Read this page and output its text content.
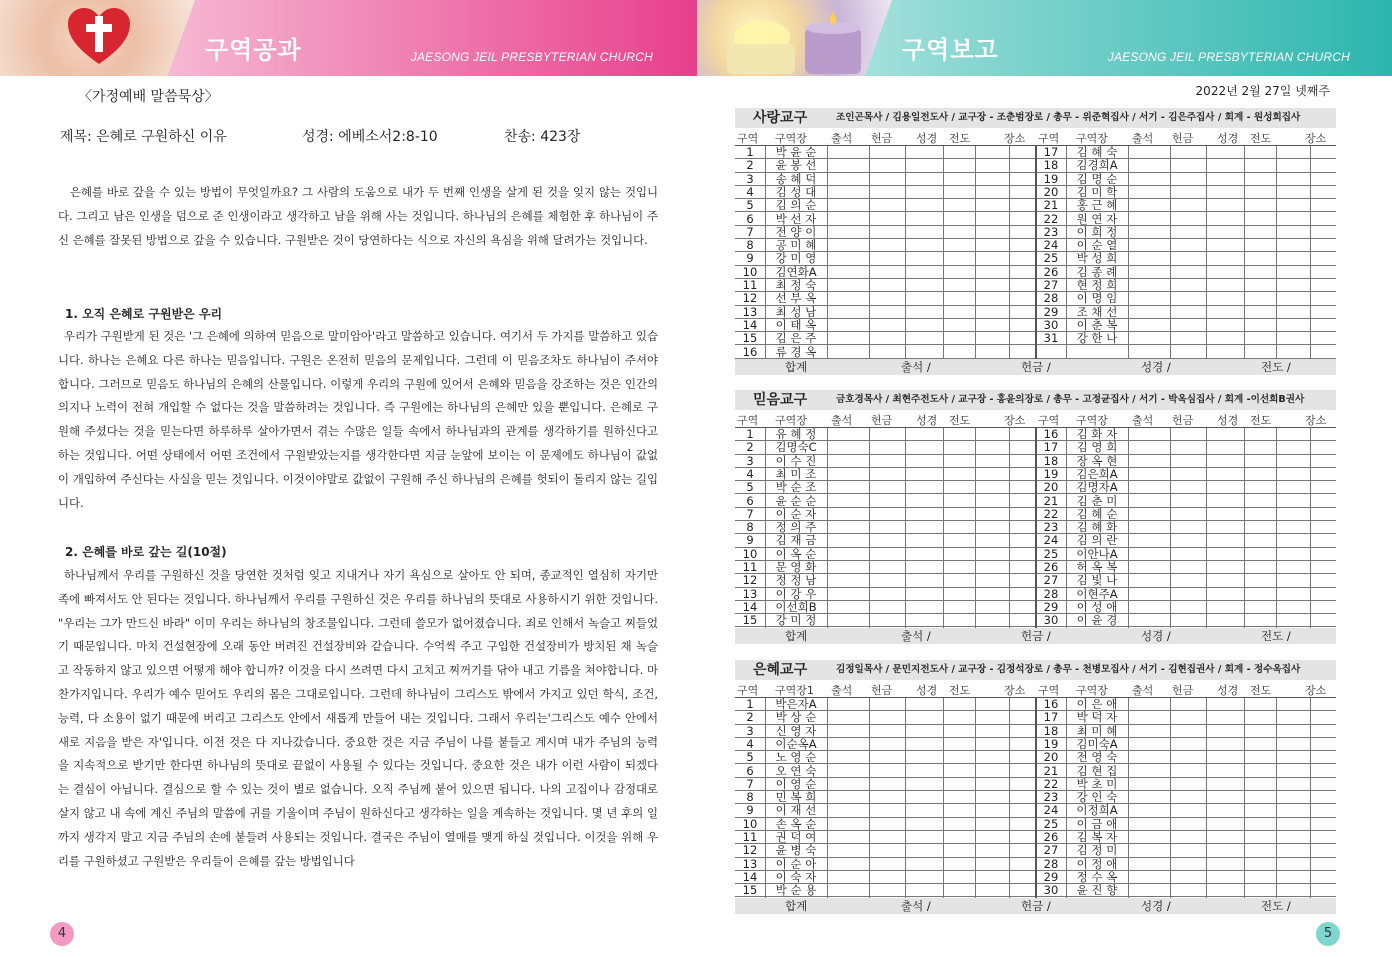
구역공과	JAESONG JEIL PRESBYTERIAN CHURCH	구역보고	JAESONG JEIL PRESBYTERIAN CHURCH
〈가정예배 말씀묵상〉
제목: 은혜로 구원하신 이유	성경: 에베소서2:8-10	찬송: 423장

은혜를 바로 갚을 수 있는 방법이 무엇일까요? 그 사람의 도움으로 내가 두 번째 인생을 살게 된 것을 잊지 않는 것입니다. 그리고 남은 인생을 덤으로 준 인생이라고 생각하고 남을 위해 사는 것입니다. 하나님의 은혜를 체험한 후 하나님이 주신 은혜를 잘못된 방법으로 갚을 수 있습니다. 구원받은 것이 당연하다는 식으로 자신의 욕심을 위해 달려가는 것입니다.

1. 오직 은혜로 구원받은 우리

우리가 구원받게 된 것은 '그 은혜에 의하여 믿음으로 말미암아'라고 말씀하고 있습니다. 여기서 두 가지를 말씀하고 있습니다. 하나는 은혜요 다른 하나는 믿음입니다. 구원은 온전히 믿음의 문제입니다. 그런데 이 믿음조차도 하나님이 주셔야 합니다. 그러므로 믿음도 하나님의 은혜의 산물입니다. 이렇게 우리의 구원에 있어서 은혜와 믿음을 강조하는 것은 인간의 의지나 노력이 전혀 개입할 수 없다는 것을 말씀하려는 것입니다. 즉 구원에는 하나님의 은혜만 있을 뿐입니다. 은혜로 구원해 주셨다는 것을 믿는다면 하루하루 살아가면서 겪는 수많은 일들 속에서 하나님과의 관계를 생각하기를 원하신다고 하는 것입니다. 어떤 상태에서 어떤 조건에서 구원받았는지를 생각한다면 지금 눈앞에 보이는 이 문제에도 하나님이 값없이 개입하여 주신다는 사실을 믿는 것입니다. 이것이야말로 값없이 구원해 주신 하나님의 은혜를 헛되이 돌리지 않는 길입니다.

2. 은혜를 바로 갚는 길(10절)

하나님께서 우리를 구원하신 것을 당연한 것처럼 잊고 지내거나 자기 욕심으로 살아도 안 되며, 종교적인 열심히 자기만족에 빠져서도 안 된다는 것입니다. 하나님께서 우리를 구원하신 것은 우리를 하나님의 뜻대로 사용하시기 위한 것입니다. "우리는 그가 만드신 바라" 이미 우리는 하나님의 창조물입니다. 그런데 쓸모가 없어졌습니다. 죄로 인해서 녹슬고 찌들었기 때문입니다. 마치 건설현장에 오래 동안 버려진 건설장비와 같습니다. 수억씩 주고 구입한 건설장비가 방치된 채 녹슬고 작동하지 않고 있으면 어떻게 해야 합니까? 이것을 다시 쓰려면 다시 고치고 찌꺼기를 닦아 내고 기름을 쳐야합니다. 마찬가지입니다. 우리가 예수 믿어도 우리의 몸은 그대로입니다. 그런데 하나님이 그리스도 밖에서 가지고 있던 학식, 조건, 능력, 다 소용이 없기 때문에 버리고 그리스도 안에서 새롭게 만들어 내는 것입니다. 그래서 우리는'그리스도 예수 안에서 새로 지음을 받은 자'입니다. 이전 것은 다 지나갔습니다. 중요한 것은 지금 주님이 나를 붙들고 계시며 내가 주님의 능력을 지속적으로 받기만 한다면 하나님의 뜻대로 끝없이 사용될 수 있다는 것입니다. 중요한 것은 내가 이런 사람이 되겠다는 결심이 아닙니다. 결심으로 할 수 있는 것이 별로 없습니다. 오직 주님께 붙어 있으면 됩니다. 나의 고집이나 감정대로 살지 않고 내 속에 계신 주님의 말씀에 귀를 기울이며 주님이 원하신다고 생각하는 일을 계속하는 것입니다. 몇 년 후의 일까지 생각지 말고 지금 주님의 손에 붙들려 사용되는 것입니다. 결국은 주님이 열매를 맺게 하실 것입니다. 이것을 위해 우리를 구원하셨고 구원받은 우리들이 은혜를 갚는 방법입니다

4	5
2022년 2월 27일 넷째주
사랑교구	조인곤목사 / 김용일전도사 / 교구장 - 조춘범장로 / 총무 - 위준혁집사 / 서기 - 김은주집사 / 회계 - 원성희집사
구역 구역장 출석 헌금 성경 전도	장소 구역 구역장 출석 헌금 성경 전도	장소
1	박 윤 순	17	김 혜 숙
2	윤 봉 선	18	김경희A
3	송 혜 덕	19	김 명 순
4	김 성 대	20	김 미 학
5	김 의 순	21	홍 근 혜
6	박 선 자	22	원 연 자
7	전 양 이	23	이 희 정
8	공 미 혜	24	이 순 열
9	강 미 영	25	박 성 희
10	김연화A	26	김 종 례
11	최 정 숙	27	현 정 희
12	선 부 옥	28	이 명 임
13	최 성 남	29	조 채 선
14	이 태 옥	30	이 춘 복
15	김 은 주	31	강 한 나
16	류 경 옥
합계	출석 /	헌금 /	성경 /	전도 /
믿음교구	금호경목사 / 최현주전도사 / 교구장 - 홍윤의장로 / 총무 - 고정균집사 / 서기 - 박옥심집사 / 회계 -이선희B권사
구역 구역장 출석 헌금 성경 전도	장소 구역 구역장 출석 헌금 성경 전도	장소
1	유 혜 정	16	김 화 자
2	김명숙C	17	김 영 희
3	이 수 진	18	장 옥 현
4	최 미 조	19	김은희A
5	박 순 조	20	김명자A
6	윤 순 순	21	김 춘 미
7	이 순 자	22	김 혜 순
8	정 의 주	23	김 혜 화
9	김 재 금	24	김 의 란
10	이 옥 순	25	이안나A
11	문 영 화	26	허 옥 복
12	정 정 남	27	김 빛 나
13	이 강 우	28	이현주A
14	이선희B	29	이 성 애
15	강 미 정	30	이 윤 경
합계	출석 /	헌금 /	성경 /	전도 /
은혜교구	김정일목사 / 문민지전도사 / 교구장 - 김정석장로 / 총무 - 천병모집사 / 서기 - 김현집권사 / 회계 - 정수옥집사
구역 구역장1 출석 헌금 성경 전도	장소 구역 구역장 출석 헌금 성경 전도	장소
1	박은자A	16	이 은 애
2	박 상 순	17	박 덕 자
3	신 영 자	18	최 미 혜
4	이순옥A	19	김미숙A
5	노 영 순	20	전 영 숙
6	오 연 숙	21	김 현 집
7	이 영 순	22	박 초 미
8	민 복 희	23	강 인 숙
9	이 재 선	24	이정희A
10	손 옥 순	25	이 금 애
11	권 덕 여	26	김 복 자
12	윤 병 숙	27	김 정 미
13	이 순 아	28	이 정 애
14	이 숙 자	29	정 수 옥
15	박 순 용	30	윤 진 향
합계	출석 /	헌금 /	성경 /	전도 /
